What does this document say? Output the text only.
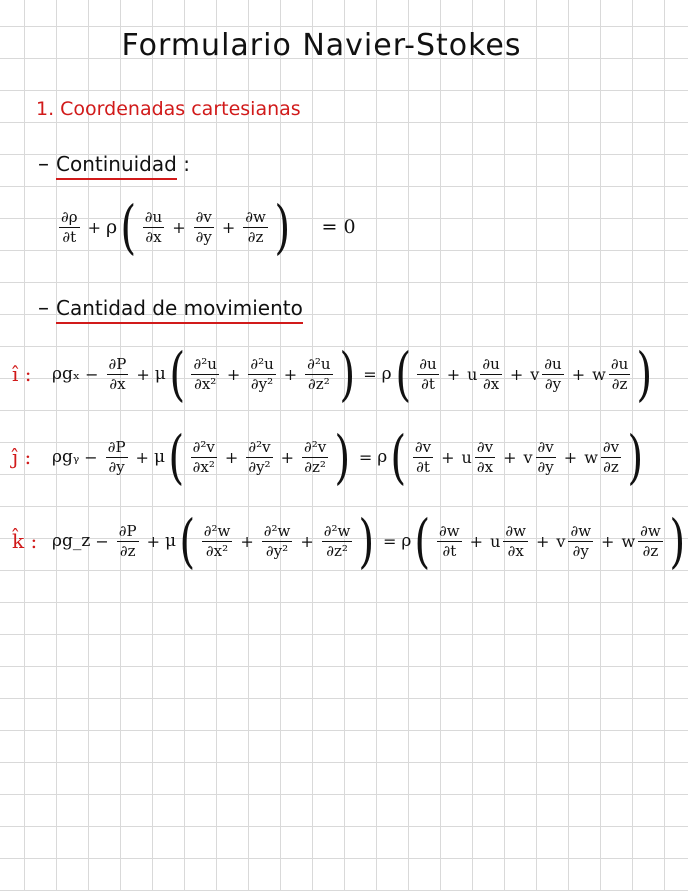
Formulario Navier-Stokes
1. Coordenadas cartesianas
– Continuidad :
$\frac{\partial\rho}{\partial t} + \rho$ ( $\frac{\partial u}{\partial x} + \frac{\partial v}{\partial y} + \frac{\partial w}{\partial z}$ ) = 0
– Cantidad de movimiento
î :	$\rho g_x - \frac{\partial P}{\partial x} + \mu$ ( $\frac{\text{∂²u}}{\text{∂x²}} + \frac{\text{∂²u}}{\text{∂y²}} + \frac{\text{∂²u}}{\text{∂z²}}$ ) = ρ ( $\frac{\partial u}{\partial t} + u \frac{\partial u}{\partial x} + v \frac{\partial u}{\partial y} + w \frac{\partial u}{\partial z}$ )
ĵ :	ρgᵧ − $\frac{\partial P}{\partial y} + \mu$ ( $\frac{\text{∂²v}}{\text{∂x²}} + \frac{\text{∂²v}}{\text{∂y²}} + \frac{\text{∂²v}}{\text{∂z²}}$ ) = ρ ( $\frac{\partial v}{\partial t} + u \frac{\partial v}{\partial x} + v \frac{\partial v}{\partial y} + w \frac{\partial v}{\partial z}$ )
k̂ : ρg_z − $\frac{\partial P}{\partial z} + \mu$ ( $\frac{\text{∂²w}}{\text{∂x²}} + \frac{\text{∂²w}}{\text{∂y²}} + \frac{\text{∂²w}}{\text{∂z²}}$ ) = ρ ( $\frac{\partial w}{\partial t} + u \frac{\partial w}{\partial x} + v \frac{\partial w}{\partial y} + w \frac{\partial w}{\partial z}$ )
